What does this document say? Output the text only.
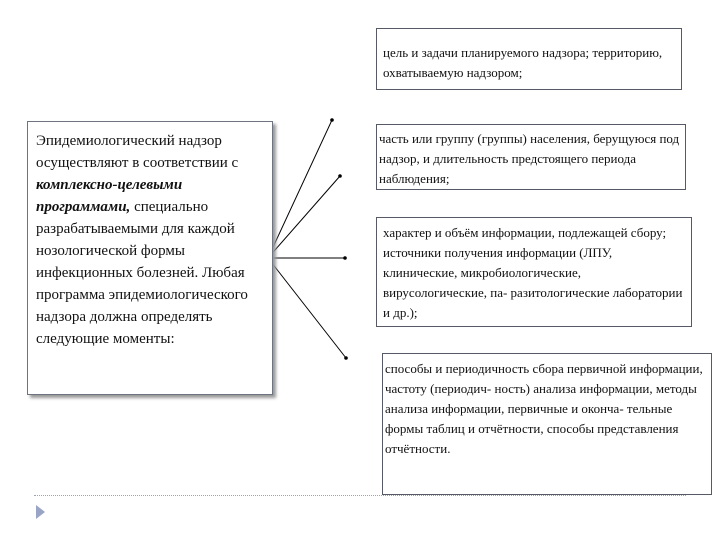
Эпидемиологический надзор осуществляют в соответствии с комплексно-целевыми программами, специально разрабатываемыми для каждой нозологической формы инфекционных болезней. Любая программа эпидемиологического надзора должна определять следующие моменты:
цель и задачи планируемого надзора; территорию, охватываемую надзором;
часть или группу (группы) населения, берущуюся под надзор, и длительность предстоящего периода наблюдения;
характер и объём информации, подлежащей сбору; источники получения информации (ЛПУ, клинические, микробиологические, вирусологические, па- разитологические лаборатории и др.);
способы и периодичность сбора первичной информации, частоту (периодич- ность) анализа информации, методы анализа информации, первичные и оконча- тельные формы таблиц и отчётности, способы представления отчётности.
